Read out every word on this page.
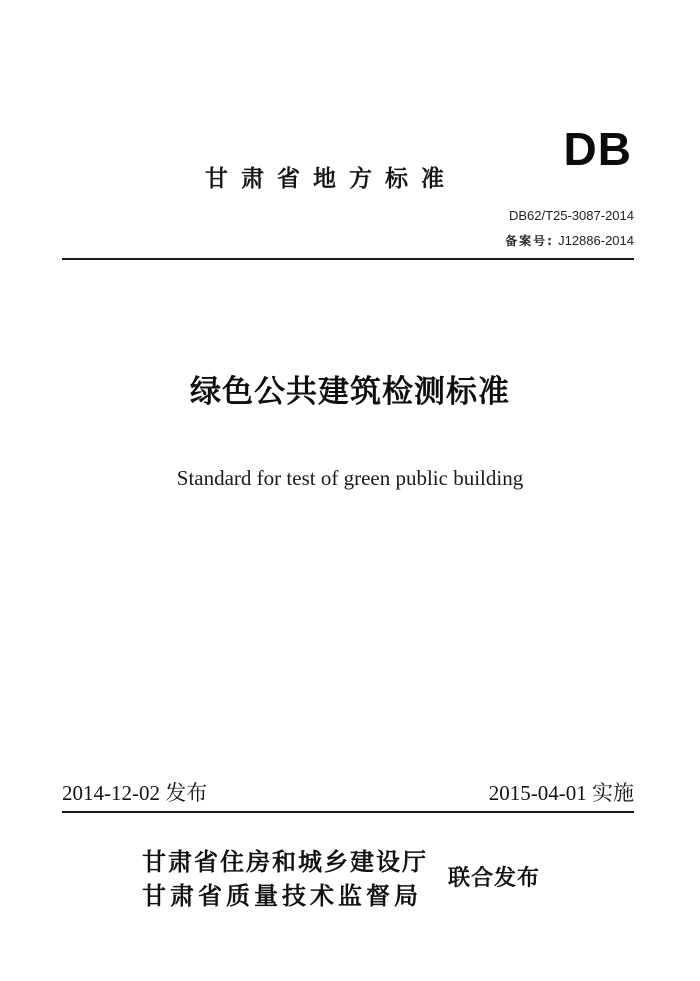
DB
甘肃省地方标准
DB62/T25-3087-2014
备案号: J12886-2014
绿色公共建筑检测标准
Standard for test of green public building
2014-12-02 发布	2015-04-01 实施
甘肃省住房和城乡建设厅
甘肃省质量技术监督局
联合发布
